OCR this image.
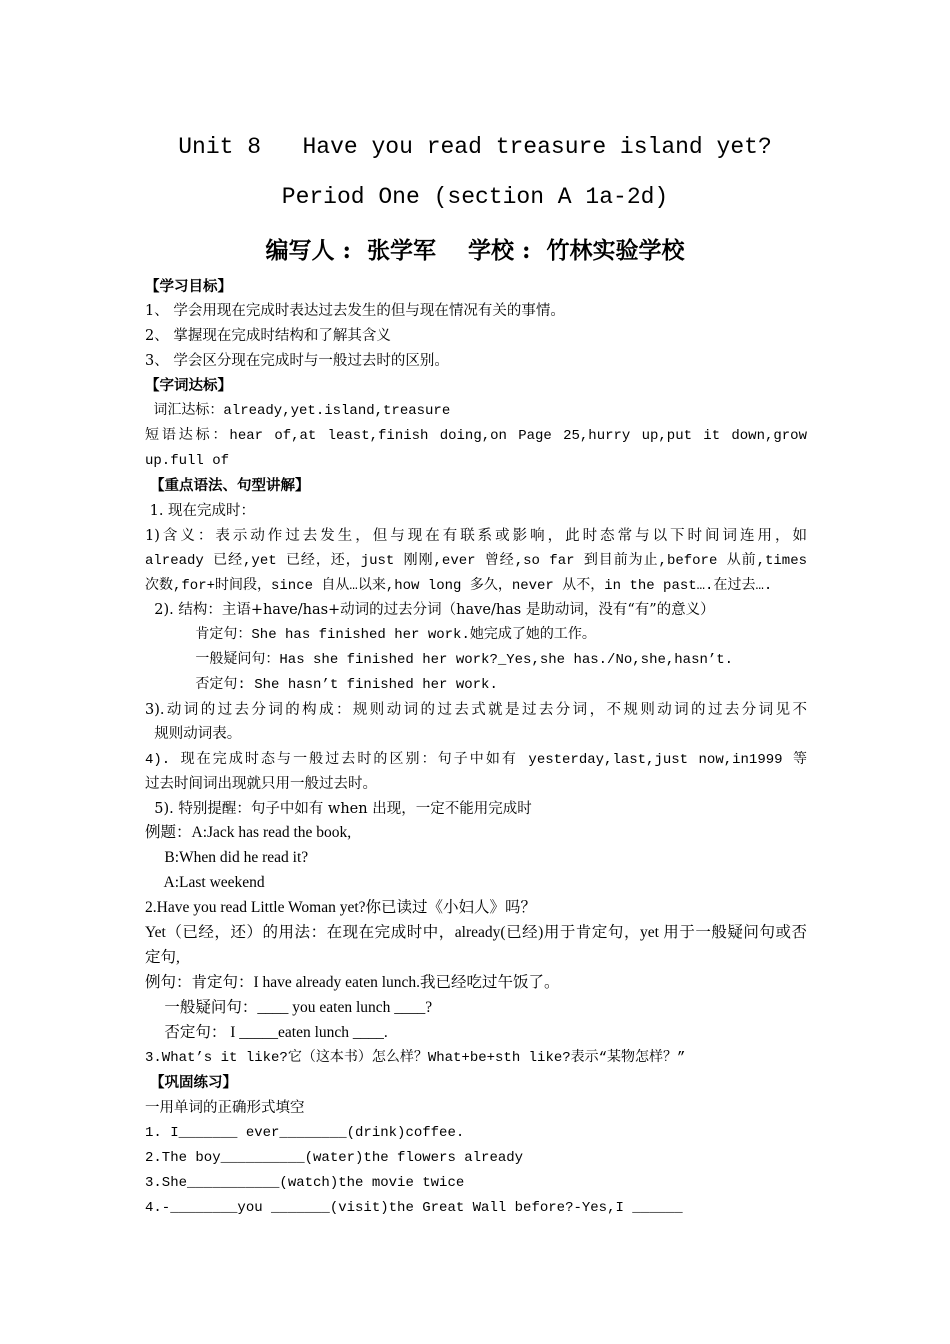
Unit 8   Have you read treasure island yet?
Period One (section A 1a-2d)
编写人 :  张学军    学校 :  竹林实验学校
【学习目标】
1、 学会用现在完成时表达过去发生的但与现在情况有关的事情。
2、 掌握现在完成时结构和了解其含义
3、 学会区分现在完成时与一般过去时的区别。
【字词达标】
词汇达标：already,yet.island,treasure
短语达标：hear of,at least,finish doing,on Page 25,hurry up,put it down,grow
up.full of
【重点语法、句型讲解】
1. 现在完成时：
1)含义：表示动作过去发生，但与现在有联系或影响，此时态常与以下时间词连用，如
already 已经,yet 已经，还，just 刚刚,ever 曾经,so far 到目前为止,before 从前,times
次数,for+时间段，since 自从…以来,how long 多久，never 从不，in the past….在过去….
2). 结构：主语+have/has+动词的过去分词（have/has 是助动词，没有“有”的意义）
肯定句：She has finished her work.她完成了她的工作。
一般疑问句：Has she finished her work?_Yes,she has./No,she,hasn’t.
否定句: She hasn’t finished her work.
3).动词的过去分词的构成：规则动词的过去式就是过去分词，不规则动词的过去分词见不
规则动词表。
4). 现在完成时态与一般过去时的区别：句子中如有 yesterday,last,just now,in1999 等
过去时间词出现就只用一般过去时。
5). 特别提醒：句子中如有 when 出现，一定不能用完成时
例题：A:Jack has read the book,
B:When did he read it?
A:Last weekend
2.Have you read Little Woman yet?你已读过《小妇人》吗？
Yet（已经，还）的用法：在现在完成时中，already(已经)用于肯定句，yet 用于一般疑问句或否
定句,
例句：肯定句：I have already eaten lunch.我已经吃过午饭了。
一般疑问句：____ you eaten lunch ____?
否定句： I _____eaten lunch ____.
3.What’s it like?它（这本书）怎么样？What+be+sth like?表示“某物怎样？”
【巩固练习】
一用单词的正确形式填空
1. I_______ ever________(drink)coffee.
2.The boy__________(water)the flowers already
3.She___________(watch)the movie twice
4.-________you _______(visit)the Great Wall before?-Yes,I ______
